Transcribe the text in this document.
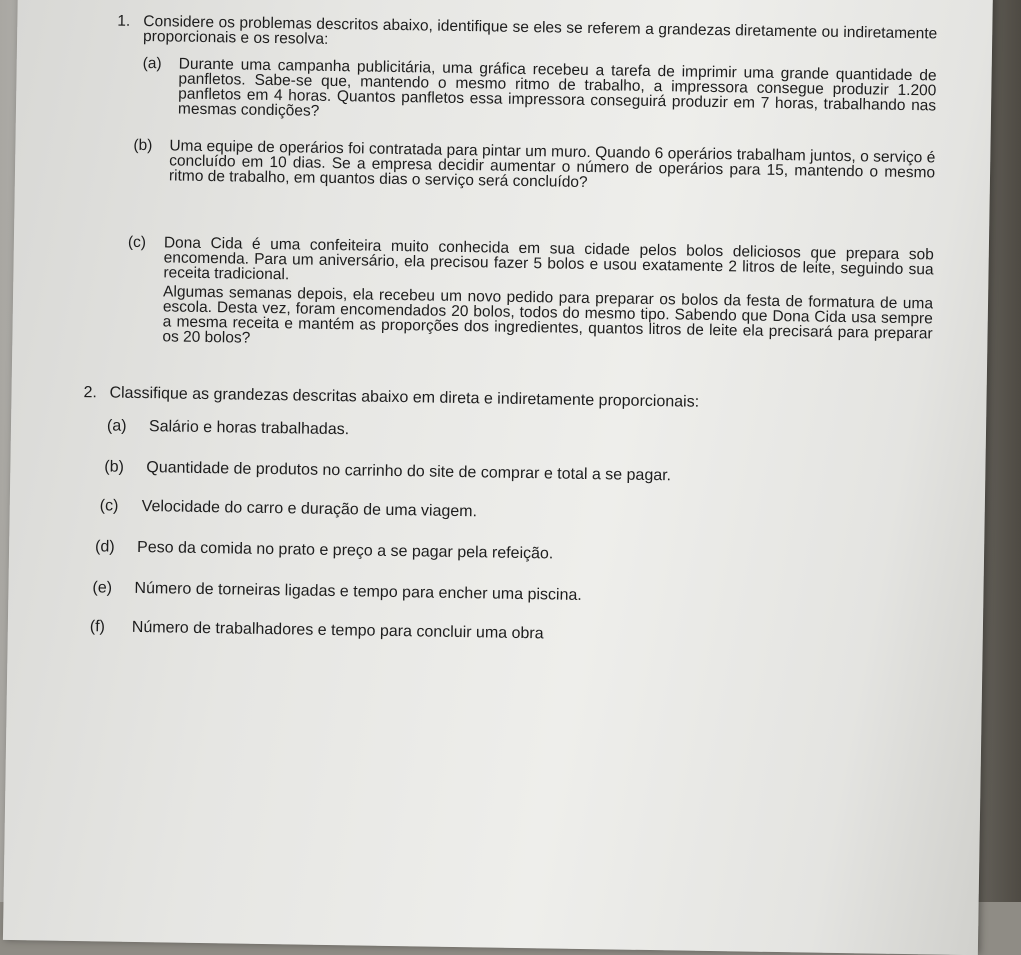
1. Considere os problemas descritos abaixo, identifique se eles se referem a grandezas diretamente ou indiretamente proporcionais e os resolva:
(a)	Durante uma campanha publicitária, uma gráfica recebeu a tarefa de imprimir uma grande quantidade de panfletos. Sabe-se que, mantendo o mesmo ritmo de trabalho, a impressora consegue produzir 1.200 panfletos em 4 horas. Quantos panfletos essa impressora conseguirá produzir em 7 horas, trabalhando nas mesmas condições?
(b)	Uma equipe de operários foi contratada para pintar um muro. Quando 6 operários trabalham juntos, o serviço é concluído em 10 dias. Se a empresa decidir aumentar o número de operários para 15, mantendo o mesmo ritmo de trabalho, em quantos dias o serviço será concluído?
(c)	Dona Cida é uma confeiteira muito conhecida em sua cidade pelos bolos deliciosos que prepara sob encomenda. Para um aniversário, ela precisou fazer 5 bolos e usou exatamente 2 litros de leite, seguindo sua receita tradicional.
Algumas semanas depois, ela recebeu um novo pedido para preparar os bolos da festa de formatura de uma escola. Desta vez, foram encomendados 20 bolos, todos do mesmo tipo. Sabendo que Dona Cida usa sempre a mesma receita e mantém as proporções dos ingredientes, quantos litros de leite ela precisará para preparar os 20 bolos?
2. Classifique as grandezas descritas abaixo em direta e indiretamente proporcionais:
(a)	Salário e horas trabalhadas.
(b)	Quantidade de produtos no carrinho do site de comprar e total a se pagar.
(c)	Velocidade do carro e duração de uma viagem.
(d)	Peso da comida no prato e preço a se pagar pela refeição.
(e)	Número de torneiras ligadas e tempo para encher uma piscina.
(f)	Número de trabalhadores e tempo para concluir uma obra
